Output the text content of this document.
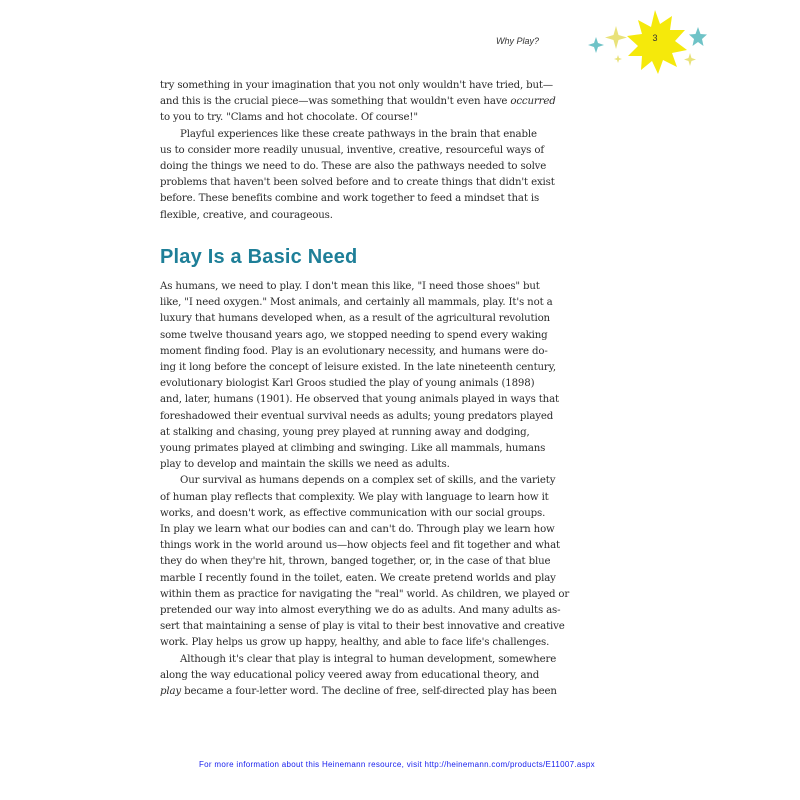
Why Play?	3

try something in your imagination that you not only wouldn't have tried, but—
and this is the crucial piece—was something that wouldn't even have occurred
to you to try. "Clams and hot chocolate. Of course!"

Playful experiences like these create pathways in the brain that enable
us to consider more readily unusual, inventive, creative, resourceful ways of
doing the things we need to do. These are also the pathways needed to solve
problems that haven't been solved before and to create things that didn't exist
before. These benefits combine and work together to feed a mindset that is
flexible, creative, and courageous.

Play Is a Basic Need

As humans, we need to play. I don't mean this like, "I need those shoes" but
like, "I need oxygen." Most animals, and certainly all mammals, play. It's not a
luxury that humans developed when, as a result of the agricultural revolution
some twelve thousand years ago, we stopped needing to spend every waking
moment finding food. Play is an evolutionary necessity, and humans were do-
ing it long before the concept of leisure existed. In the late nineteenth century,
evolutionary biologist Karl Groos studied the play of young animals (1898)
and, later, humans (1901). He observed that young animals played in ways that
foreshadowed their eventual survival needs as adults; young predators played
at stalking and chasing, young prey played at running away and dodging,
young primates played at climbing and swinging. Like all mammals, humans
play to develop and maintain the skills we need as adults.

Our survival as humans depends on a complex set of skills, and the variety
of human play reflects that complexity. We play with language to learn how it
works, and doesn't work, as effective communication with our social groups.
In play we learn what our bodies can and can't do. Through play we learn how
things work in the world around us—how objects feel and fit together and what
they do when they're hit, thrown, banged together, or, in the case of that blue
marble I recently found in the toilet, eaten. We create pretend worlds and play
within them as practice for navigating the "real" world. As children, we played or
pretended our way into almost everything we do as adults. And many adults as-
sert that maintaining a sense of play is vital to their best innovative and creative
work. Play helps us grow up happy, healthy, and able to face life's challenges.

Although it's clear that play is integral to human development, somewhere
along the way educational policy veered away from educational theory, and
play became a four-letter word. The decline of free, self-directed play has been

For more information about this Heinemann resource, visit http://heinemann.com/products/E11007.aspx
